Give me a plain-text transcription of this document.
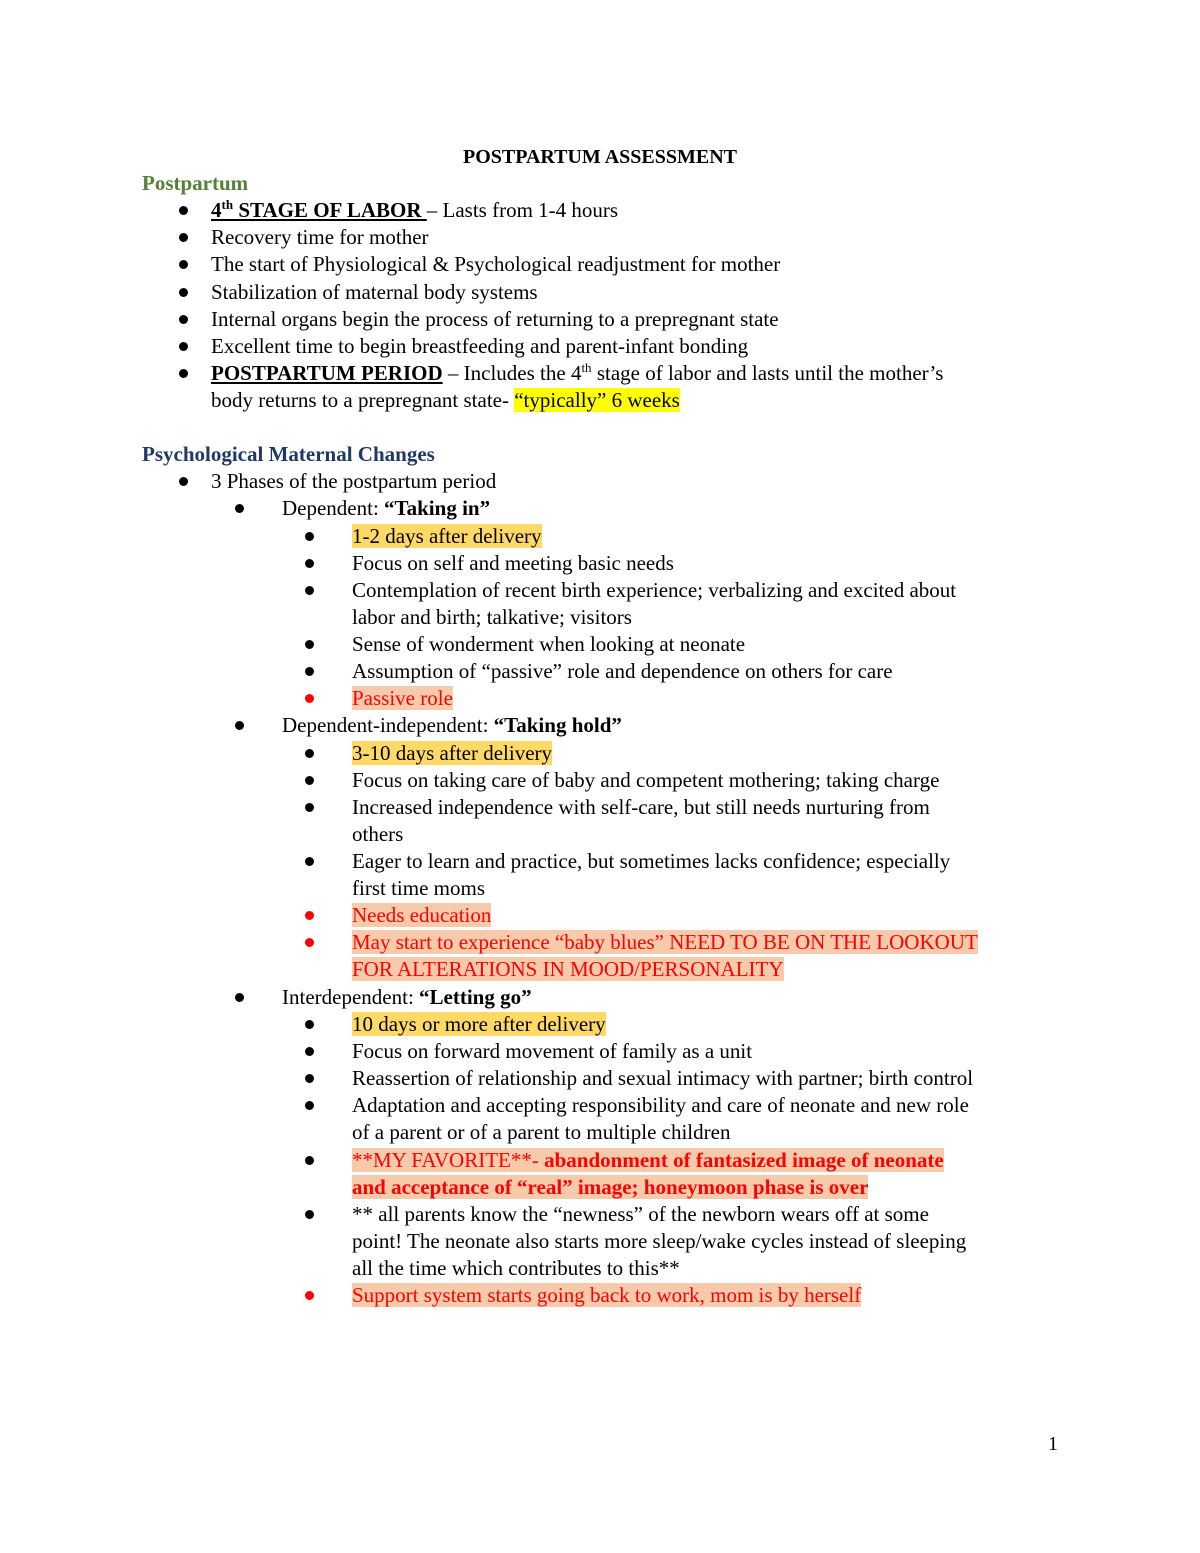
POSTPARTUM ASSESSMENT
Postpartum
4th STAGE OF LABOR – Lasts from 1-4 hours
Recovery time for mother
The start of Physiological & Psychological readjustment for mother
Stabilization of maternal body systems
Internal organs begin the process of returning to a prepregnant state
Excellent time to begin breastfeeding and parent-infant bonding
POSTPARTUM PERIOD – Includes the 4th stage of labor and lasts until the mother’s
body returns to a prepregnant state- “typically” 6 weeks
Psychological Maternal Changes
3 Phases of the postpartum period
Dependent: “Taking in”
1-2 days after delivery
Focus on self and meeting basic needs
Contemplation of recent birth experience; verbalizing and excited about
labor and birth; talkative; visitors
Sense of wonderment when looking at neonate
Assumption of “passive” role and dependence on others for care
Passive role
Dependent-independent: “Taking hold”
3-10 days after delivery
Focus on taking care of baby and competent mothering; taking charge
Increased independence with self-care, but still needs nurturing from
others
Eager to learn and practice, but sometimes lacks confidence; especially
first time moms
Needs education
May start to experience “baby blues” NEED TO BE ON THE LOOKOUT
FOR ALTERATIONS IN MOOD/PERSONALITY
Interdependent: “Letting go”
10 days or more after delivery
Focus on forward movement of family as a unit
Reassertion of relationship and sexual intimacy with partner; birth control
Adaptation and accepting responsibility and care of neonate and new role
of a parent or of a parent to multiple children
**MY FAVORITE**- abandonment of fantasized image of neonate
and acceptance of “real” image; honeymoon phase is over
** all parents know the “newness” of the newborn wears off at some
point! The neonate also starts more sleep/wake cycles instead of sleeping
all the time which contributes to this**
Support system starts going back to work, mom is by herself
1
